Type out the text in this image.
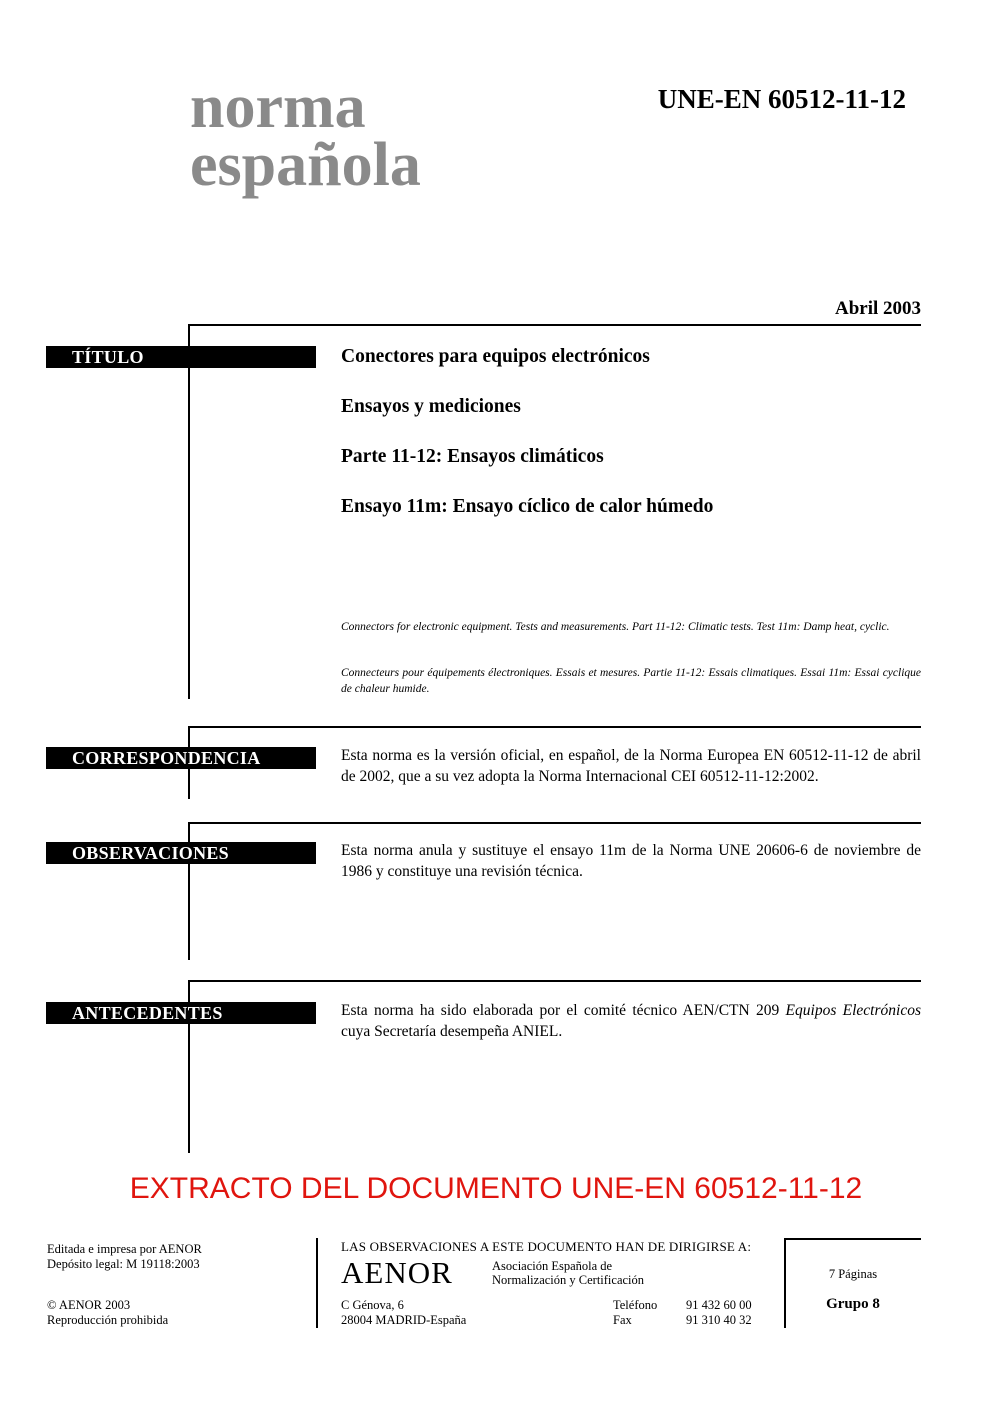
norma
española
UNE-EN 60512-11-12
Abril 2003
TÍTULO	Conectores para equipos electrónicos
Ensayos y mediciones
Parte 11-12: Ensayos climáticos
Ensayo 11m: Ensayo cíclico de calor húmedo
Connectors for electronic equipment. Tests and measurements. Part 11-12: Climatic tests. Test 11m: Damp heat, cyclic.
Connecteurs pour équipements électroniques. Essais et mesures. Partie 11-12: Essais climatiques. Essai 11m: Essai cyclique de chaleur humide.
CORRESPONDENCIA	Esta norma es la versión oficial, en español, de la Norma Europea EN 60512-11-12 de abril de 2002, que a su vez adopta la Norma Internacional CEI 60512-11-12:2002.
OBSERVACIONES	Esta norma anula y sustituye el ensayo 11m de la Norma UNE 20606-6 de noviembre de 1986 y constituye una revisión técnica.
ANTECEDENTES	Esta norma ha sido elaborada por el comité técnico AEN/CTN 209 Equipos Electrónicos cuya Secretaría desempeña ANIEL.
EXTRACTO DEL DOCUMENTO UNE-EN 60512-11-12
Editada e impresa por AENOR
Depósito legal: M 19118:2003
© AENOR 2003
Reproducción prohibida
LAS OBSERVACIONES A ESTE DOCUMENTO HAN DE DIRIGIRSE A:
AENOR	Asociación Española de
Normalización y Certificación
C Génova, 6
28004 MADRID-España
Teléfono 91 432 60 00
Fax	91 310 40 32
7 Páginas
Grupo 8
